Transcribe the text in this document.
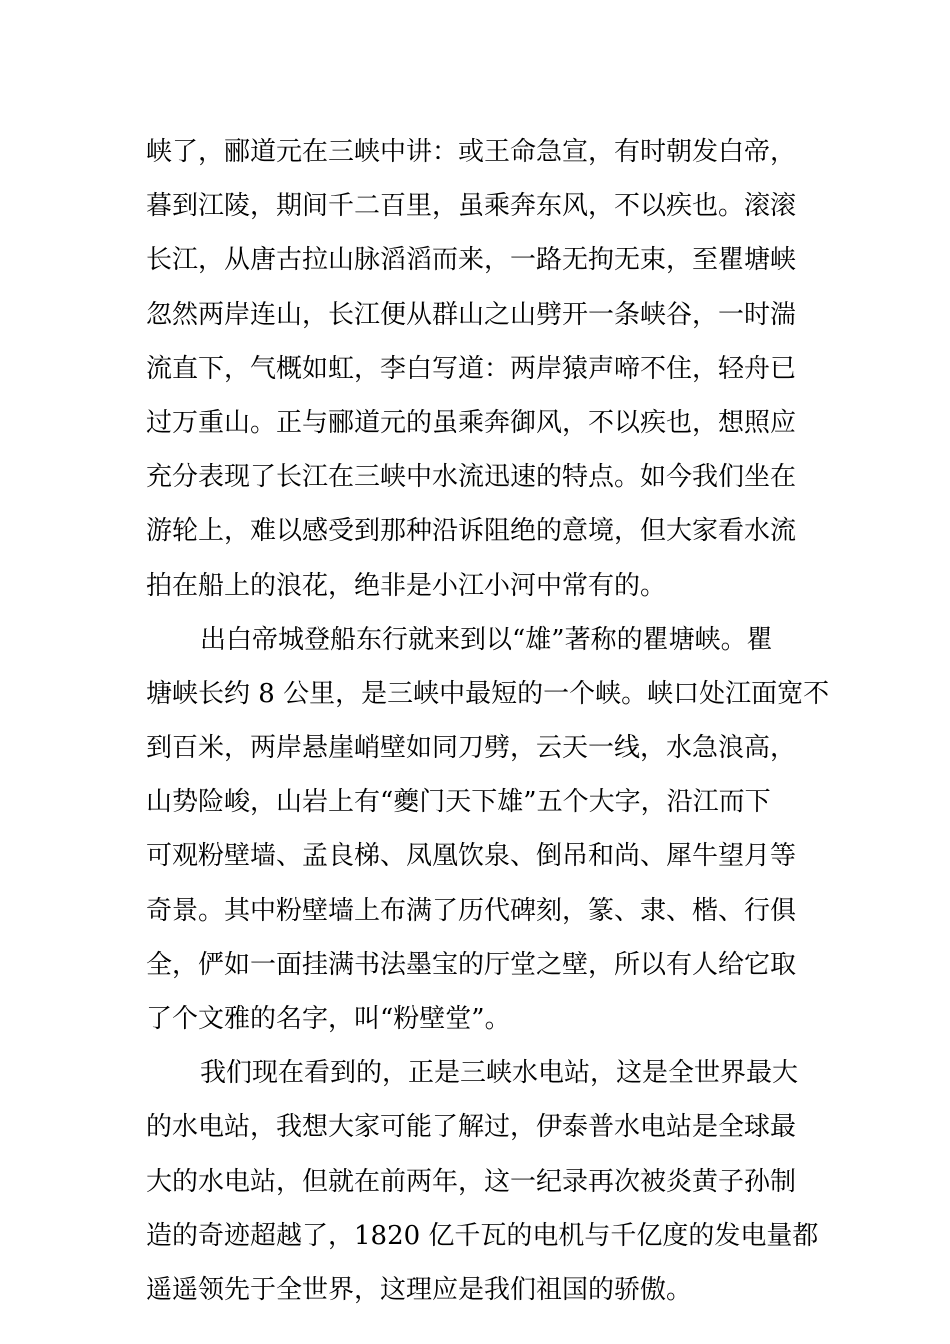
峡了，郦道元在三峡中讲：或王命急宣，有时朝发白帝，
暮到江陵，期间千二百里，虽乘奔东风，不以疾也。滚滚
长江，从唐古拉山脉滔滔而来，一路无拘无束，至瞿塘峡
忽然两岸连山，长江便从群山之山劈开一条峡谷，一时湍
流直下，气概如虹，李白写道：两岸猿声啼不住，轻舟已
过万重山。正与郦道元的虽乘奔御风，不以疾也，想照应
充分表现了长江在三峡中水流迅速的特点。如今我们坐在
游轮上，难以感受到那种沿诉阻绝的意境，但大家看水流
拍在船上的浪花，绝非是小江小河中常有的。
出白帝城登船东行就来到以“雄”著称的瞿塘峡。瞿
塘峡长约 8 公里，是三峡中最短的一个峡。峡口处江面宽不
到百米，两岸悬崖峭壁如同刀劈，云天一线，水急浪高，
山势险峻，山岩上有“夔门天下雄”五个大字，沿江而下
可观粉壁墙、孟良梯、凤凰饮泉、倒吊和尚、犀牛望月等
奇景。其中粉壁墙上布满了历代碑刻，篆、隶、楷、行俱
全，俨如一面挂满书法墨宝的厅堂之壁，所以有人给它取
了个文雅的名字，叫“粉壁堂”。
我们现在看到的，正是三峡水电站，这是全世界最大
的水电站，我想大家可能了解过，伊泰普水电站是全球最
大的水电站，但就在前两年，这一纪录再次被炎黄子孙制
造的奇迹超越了，1820 亿千瓦的电机与千亿度的发电量都
遥遥领先于全世界，这理应是我们祖国的骄傲。
